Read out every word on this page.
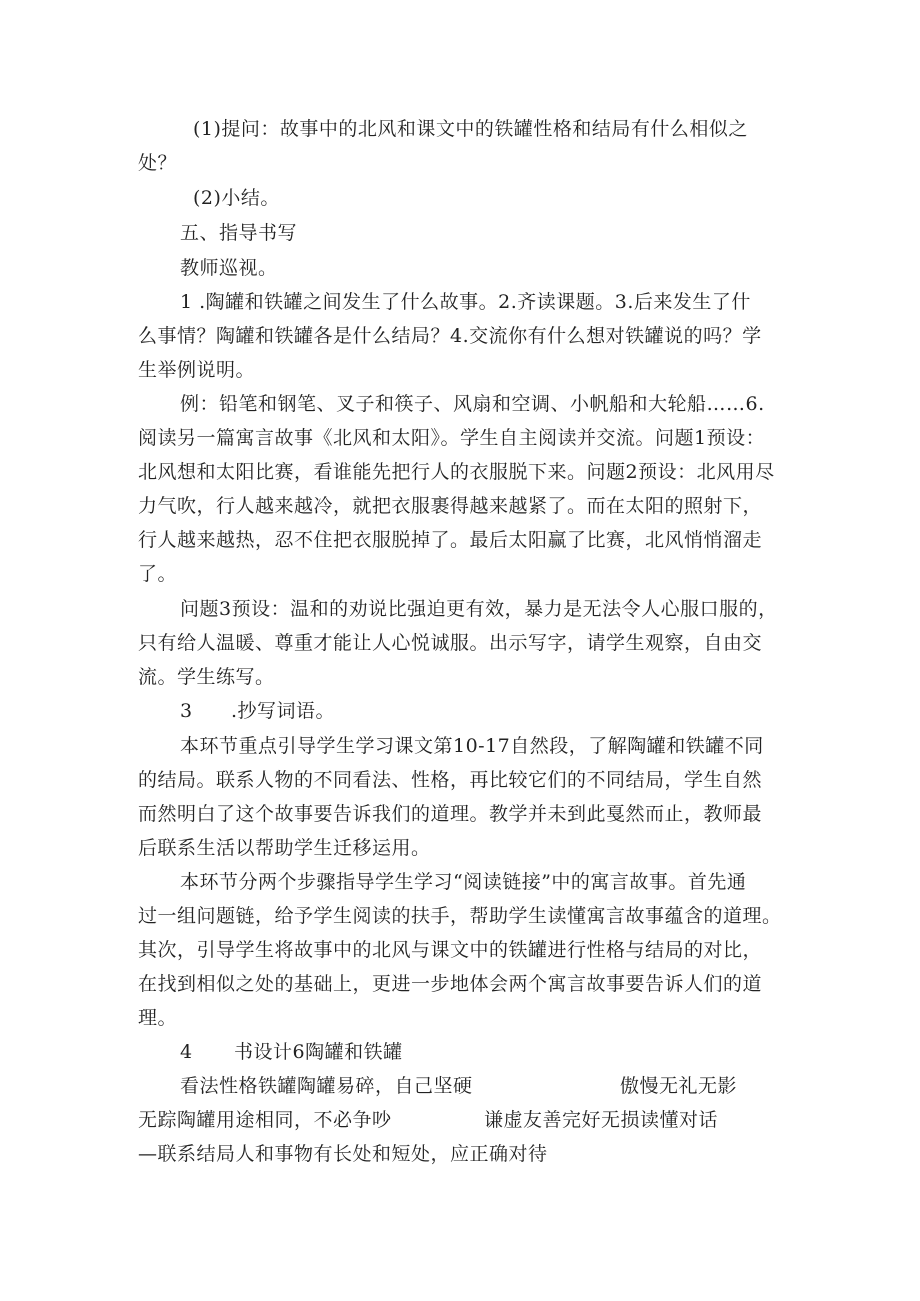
(1)提问：故事中的北风和课文中的铁罐性格和结局有什么相似之

处？

(2)小结。

五、指导书写

教师巡视。

1 .陶罐和铁罐之间发生了什么故事。2.齐读课题。3.后来发生了什

么事情？陶罐和铁罐各是什么结局？4.交流你有什么想对铁罐说的吗？学

生举例说明。

例：铅笔和钢笔、叉子和筷子、风扇和空调、小帆船和大轮船……6.

阅读另一篇寓言故事《北风和太阳》。学生自主阅读并交流。问题1预设：

北风想和太阳比赛，看谁能先把行人的衣服脱下来。问题2预设：北风用尽

力气吹，行人越来越冷，就把衣服裹得越来越紧了。而在太阳的照射下，

行人越来越热，忍不住把衣服脱掉了。最后太阳赢了比赛，北风悄悄溜走

了。

问题3预设：温和的劝说比强迫更有效，暴力是无法令人心服口服的，

只有给人温暖、尊重才能让人心悦诚服。出示写字，请学生观察，自由交

流。学生练写。

3 .抄写词语。

本环节重点引导学生学习课文第10-17自然段，了解陶罐和铁罐不同

的结局。联系人物的不同看法、性格，再比较它们的不同结局，学生自然

而然明白了这个故事要告诉我们的道理。教学并未到此戛然而止，教师最

后联系生活以帮助学生迁移运用。

本环节分两个步骤指导学生学习“阅读链接”中的寓言故事。首先通

过一组问题链，给予学生阅读的扶手，帮助学生读懂寓言故事蕴含的道理。

其次，引导学生将故事中的北风与课文中的铁罐进行性格与结局的对比，

在找到相似之处的基础上，更进一步地体会两个寓言故事要告诉人们的道

理。

4 书设计6陶罐和铁罐

看法性格铁罐陶罐易碎，自己坚硬	傲慢无礼无影

无踪陶罐用途相同，不必争吵	谦虚友善完好无损读懂对话

—联系结局人和事物有长处和短处，应正确对待
